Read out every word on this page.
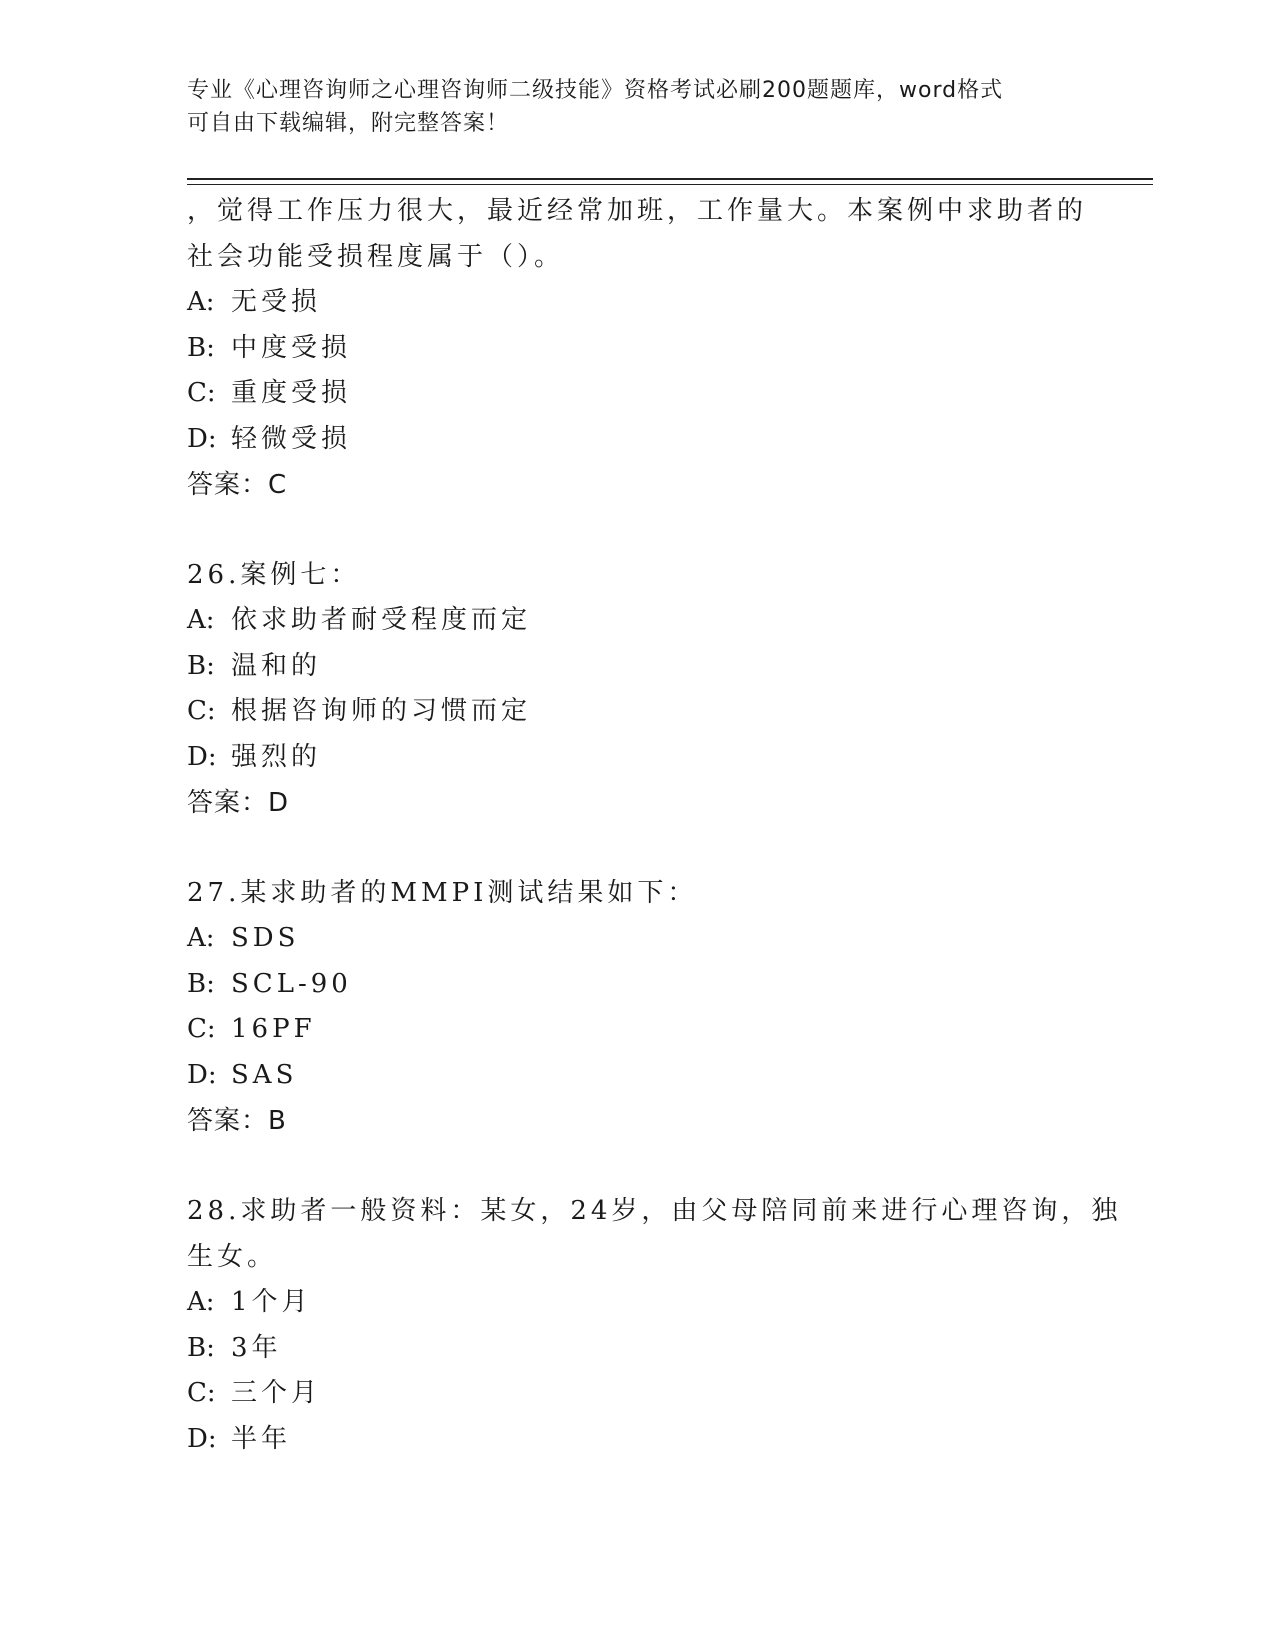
专业《心理咨询师之心理咨询师二级技能》资格考试必刷200题题库，word格式
可自由下载编辑，附完整答案！
，觉得工作压力很大，最近经常加班，工作量大。本案例中求助者的
社会功能受损程度属于（）。
A: 无受损
B: 中度受损
C: 重度受损
D: 轻微受损
答案：C
26.案例七：
A: 依求助者耐受程度而定
B: 温和的
C: 根据咨询师的习惯而定
D: 强烈的
答案：D
27.某求助者的MMPI测试结果如下：
A: SDS
B: SCL-90
C: 16PF
D: SAS
答案：B
28.求助者一般资料：某女，24岁，由父母陪同前来进行心理咨询，独
生女。
A: 1个月
B: 3年
C: 三个月
D: 半年
